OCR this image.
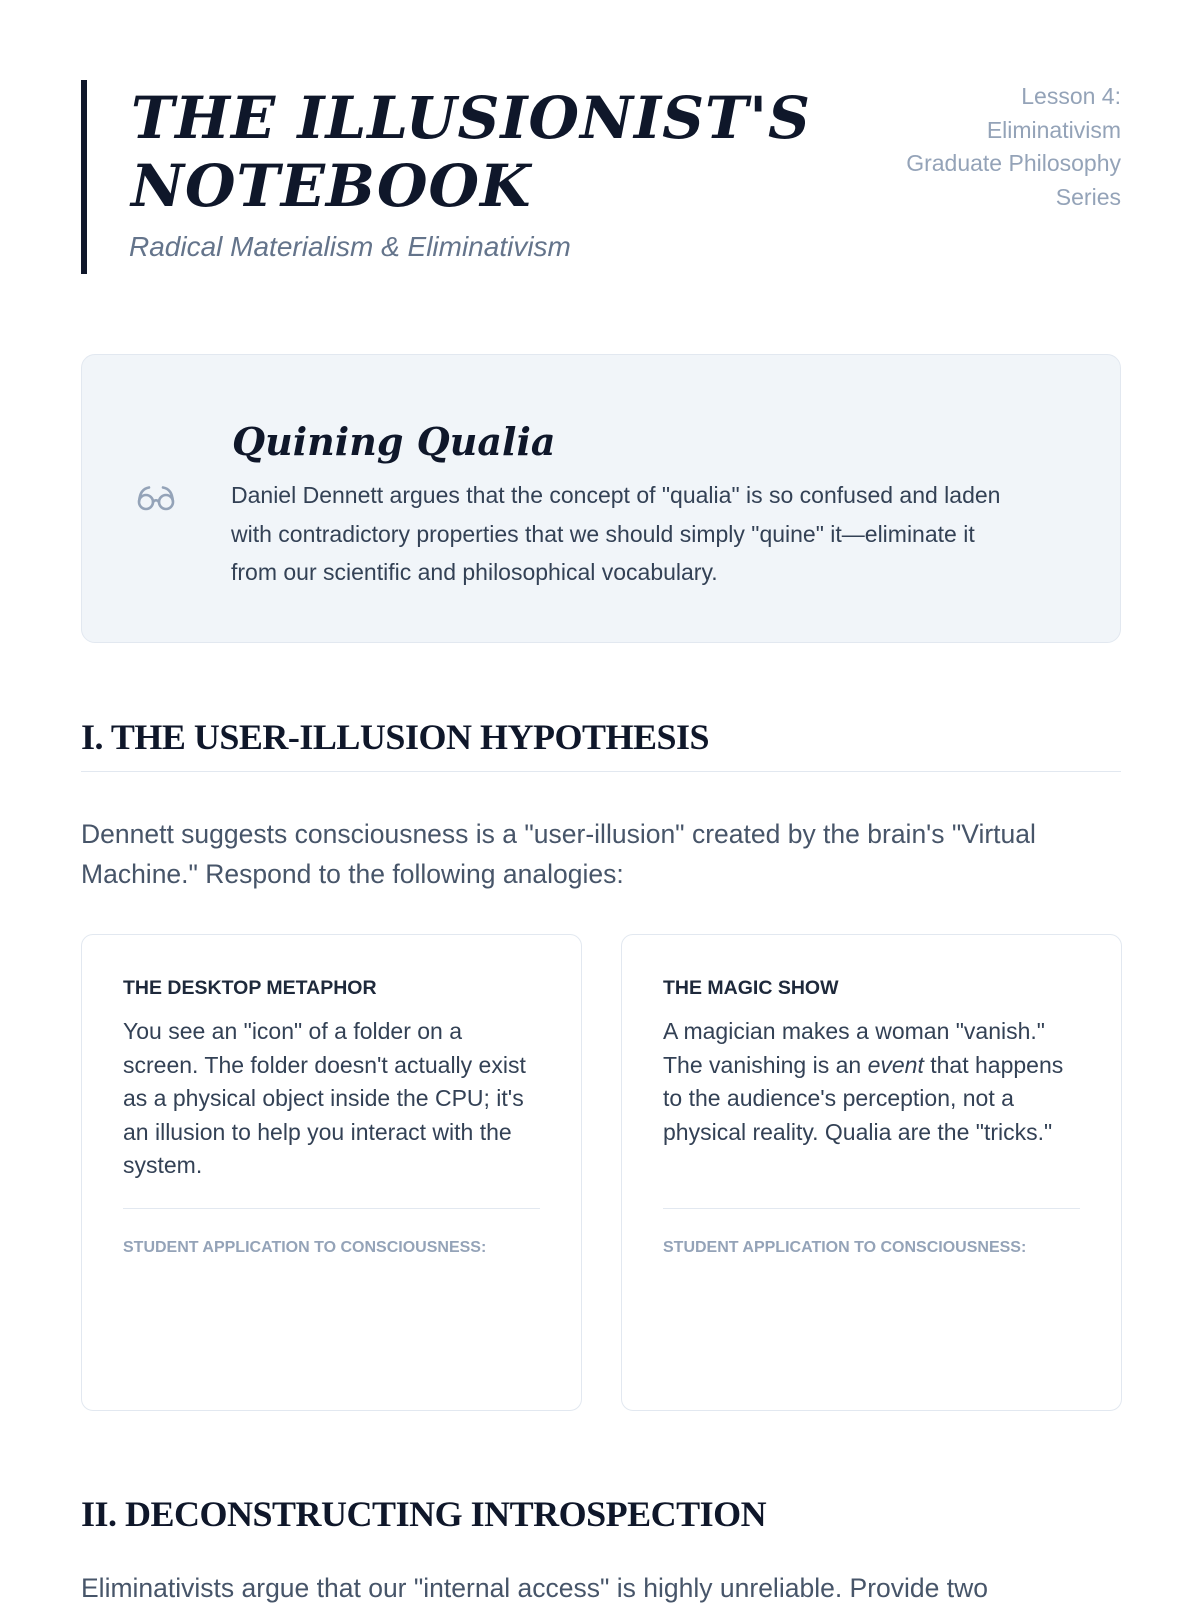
THE ILLUSIONIST'S NOTEBOOK
Radical Materialism & Eliminativism
Lesson 4: Eliminativism
Graduate Philosophy Series
Quining Qualia

Daniel Dennett argues that the concept of "qualia" is so confused and laden with contradictory properties that we should simply "quine" it—eliminate it from our scientific and philosophical vocabulary.

I. THE USER-ILLUSION HYPOTHESIS

Dennett suggests consciousness is a "user-illusion" created by the brain's "Virtual Machine." Respond to the following analogies:

THE DESKTOP METAPHOR

You see an "icon" of a folder on a screen. The folder doesn't actually exist as a physical object inside the CPU; it's an illusion to help you interact with the system.

STUDENT APPLICATION TO CONSCIOUSNESS:
THE MAGIC SHOW

A magician makes a woman "vanish." The vanishing is an event that happens to the audience's perception, not a physical reality. Qualia are the "tricks."

STUDENT APPLICATION TO CONSCIOUSNESS:
II. DECONSTRUCTING INTROSPECTION

Eliminativists argue that our "internal access" is highly unreliable. Provide two
